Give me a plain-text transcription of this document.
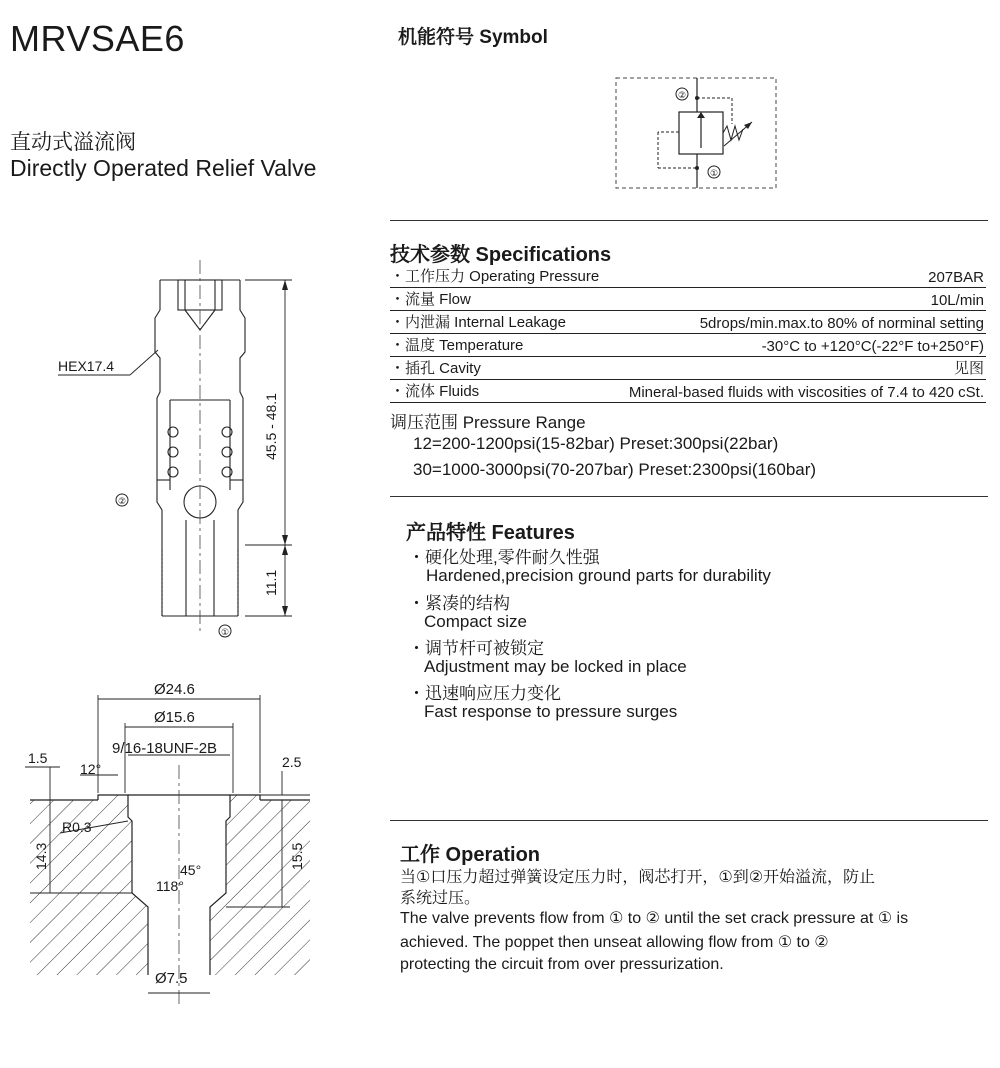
MRVSAE6
直动式溢流阀
Directly Operated Relief Valve
机能符号 Symbol
②
①
技术参数 Specifications
・工作压力 Operating Pressure	207BAR
・流量 Flow	10L/min
・内泄漏 Internal Leakage	5drops/min.max.to 80% of norminal setting
・温度 Temperature	-30°C to +120°C(-22°F to+250°F)
・插孔 Cavity	见图
・流体 Fluids	Mineral-based fluids with viscosities of 7.4 to 420 cSt.
调压范围 Pressure Range
12=200-1200psi(15-82bar) Preset:300psi(22bar)
30=1000-3000psi(70-207bar) Preset:2300psi(160bar)
产品特性 Features
・硬化处理,零件耐久性强
Hardened,precision ground parts for durability
・紧凑的结构
Compact size
・调节杆可被锁定
Adjustment may be locked in place
・迅速响应压力变化
Fast response to pressure surges
工作 Operation
当①口压力超过弹簧设定压力时，阀芯打开，①到②开始溢流，防止
系统过压。
The valve prevents flow from ① to ② until the set crack pressure at ① is
achieved. The poppet then unseat allowing flow from ① to ②
protecting the circuit from over pressurization.
HEX17.4
45.5 - 48.1
11.1
②
①
Ø24.6
Ø15.6
9/16-18UNF-2B
1.5
12°	2.5
R0.3
14.3	15.5
45°
118°
Ø7.5
